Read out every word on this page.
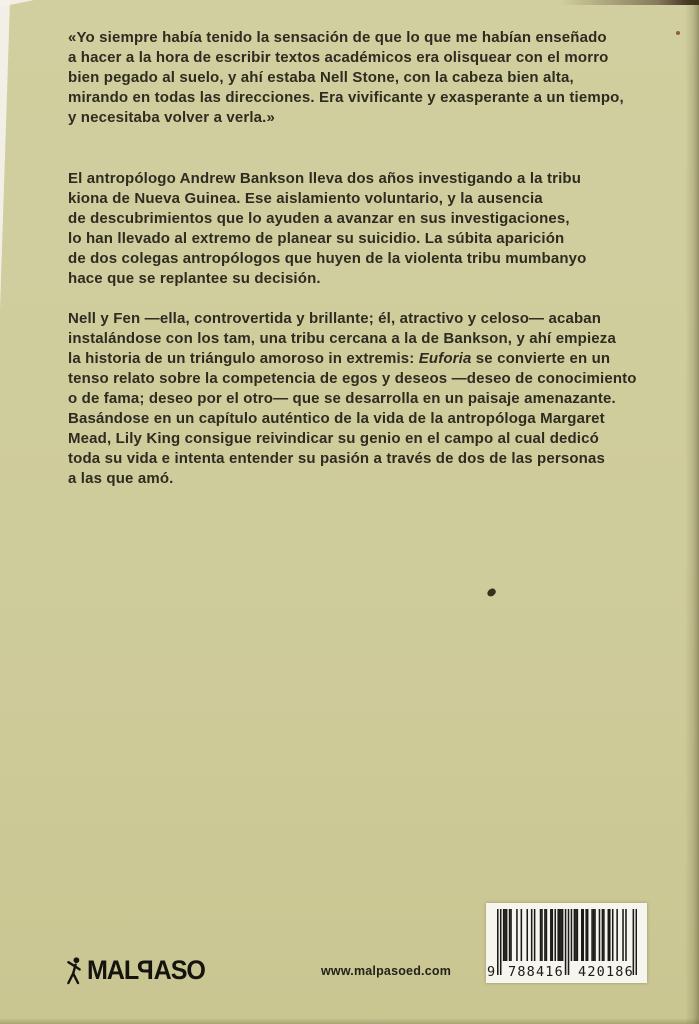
«Yo siempre había tenido la sensación de que lo que me habían enseñado
a hacer a la hora de escribir textos académicos era olisquear con el morro
bien pegado al suelo, y ahí estaba Nell Stone, con la cabeza bien alta,
mirando en todas las direcciones. Era vivificante y exasperante a un tiempo,
y necesitaba volver a verla.»

El antropólogo Andrew Bankson lleva dos años investigando a la tribu
kiona de Nueva Guinea. Ese aislamiento voluntario, y la ausencia
de descubrimientos que lo ayuden a avanzar en sus investigaciones,
lo han llevado al extremo de planear su suicidio. La súbita aparición
de dos colegas antropólogos que huyen de la violenta tribu mumbanyo
hace que se replantee su decisión.

Nell y Fen —ella, controvertida y brillante; él, atractivo y celoso— acaban
instalándose con los tam, una tribu cercana a la de Bankson, y ahí empieza
la historia de un triángulo amoroso in extremis: Euforia se convierte en un
tenso relato sobre la competencia de egos y deseos —deseo de conocimiento
o de fama; deseo por el otro— que se desarrolla en un paisaje amenazante.
Basándose en un capítulo auténtico de la vida de la antropóloga Margaret
Mead, Lily King consigue reivindicar su genio en el campo al cual dedicó
toda su vida e intenta entender su pasión a través de dos de las personas
a las que amó.

MALPASO	www.malpasoed.com	9 788416 420186
